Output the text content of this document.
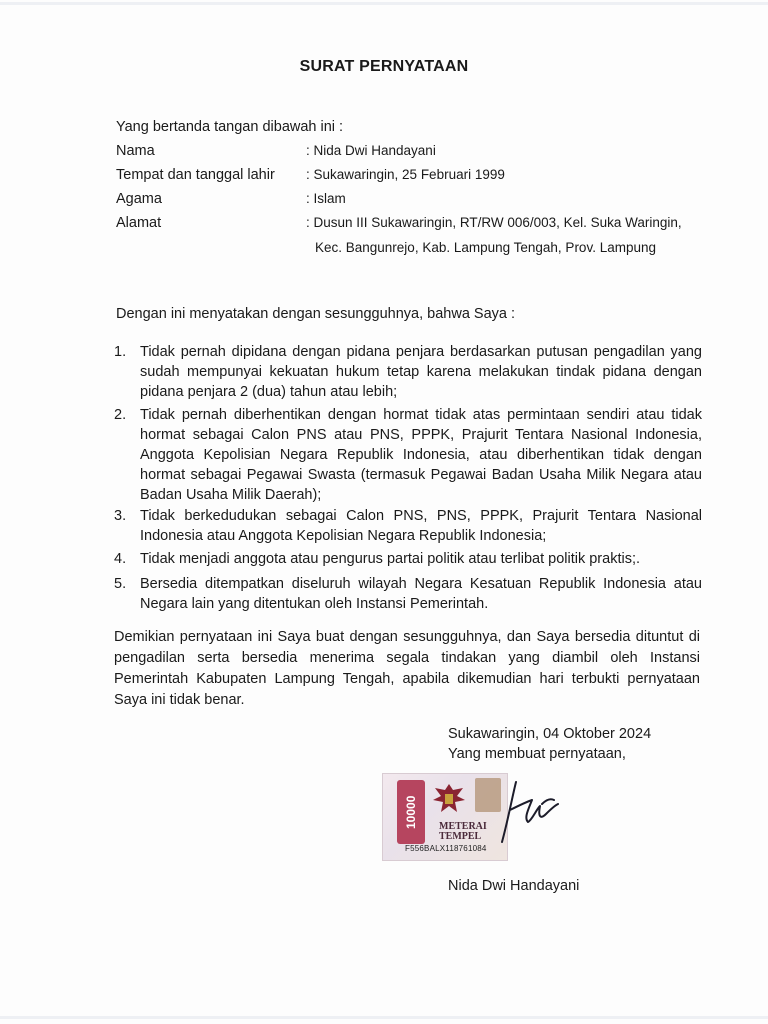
SURAT PERNYATAAN
Yang bertanda tangan dibawah ini :
Nama	: Nida Dwi Handayani
Tempat dan tanggal lahir : Sukawaringin, 25 Februari 1999
Agama	: Islam
Alamat	: Dusun III Sukawaringin, RT/RW 006/003, Kel. Suka Waringin,
Kec. Bangunrejo, Kab. Lampung Tengah, Prov. Lampung
Dengan ini menyatakan dengan sesungguhnya, bahwa Saya :
1. Tidak pernah dipidana dengan pidana penjara berdasarkan putusan pengadilan yang sudah mempunyai kekuatan hukum tetap karena melakukan tindak pidana dengan pidana penjara 2 (dua) tahun atau lebih;
2. Tidak pernah diberhentikan dengan hormat tidak atas permintaan sendiri atau tidak hormat sebagai Calon PNS atau PNS, PPPK, Prajurit Tentara Nasional Indonesia, Anggota Kepolisian Negara Republik Indonesia, atau diberhentikan tidak dengan hormat sebagai Pegawai Swasta (termasuk Pegawai Badan Usaha Milik Negara atau Badan Usaha Milik Daerah);
3. Tidak berkedudukan sebagai Calon PNS, PNS, PPPK, Prajurit Tentara Nasional Indonesia atau Anggota Kepolisian Negara Republik Indonesia;
4. Tidak menjadi anggota atau pengurus partai politik atau terlibat politik praktis;.
5. Bersedia ditempatkan diseluruh wilayah Negara Kesatuan Republik Indonesia atau Negara lain yang ditentukan oleh Instansi Pemerintah.
Demikian pernyataan ini Saya buat dengan sesungguhnya, dan Saya bersedia dituntut di pengadilan serta bersedia menerima segala tindakan yang diambil oleh Instansi Pemerintah Kabupaten Lampung Tengah, apabila dikemudian hari terbukti pernyataan Saya ini tidak benar.
Sukawaringin, 04 Oktober 2024
Yang membuat pernyataan,
10000	METERAI
TEMPEL
F556BALX118761084
Nida Dwi Handayani
